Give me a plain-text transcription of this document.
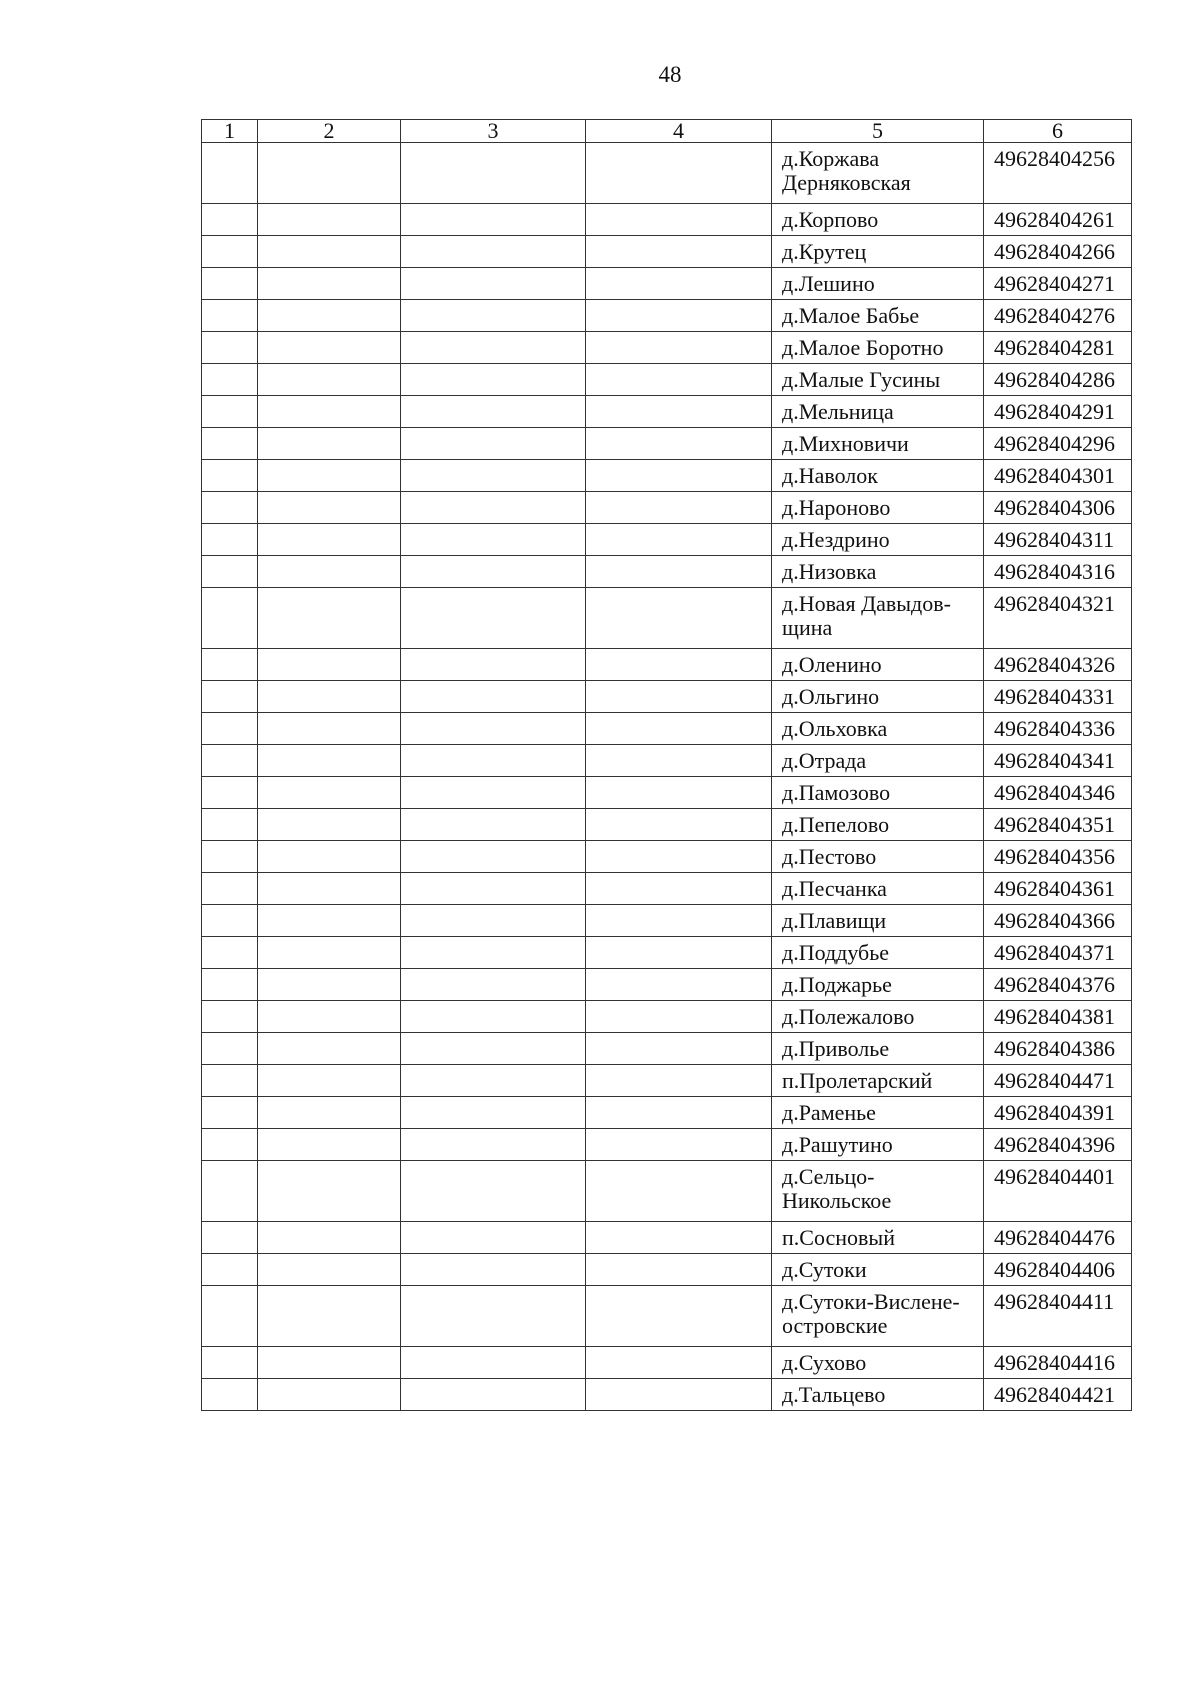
48
1	2	3	4	5	6
				д.Коржава Дерняковская	49628404256
				д.Корпово	49628404261
				д.Крутец	49628404266
				д.Лешино	49628404271
				д.Малое Бабье	49628404276
				д.Малое Боротно	49628404281
				д.Малые Гусины	49628404286
				д.Мельница	49628404291
				д.Михновичи	49628404296
				д.Наволок	49628404301
				д.Нароново	49628404306
				д.Нездрино	49628404311
				д.Низовка	49628404316
				д.Новая Давыдов-щина	49628404321
				д.Оленино	49628404326
				д.Ольгино	49628404331
				д.Ольховка	49628404336
				д.Отрада	49628404341
				д.Памозово	49628404346
				д.Пепелово	49628404351
				д.Пестово	49628404356
				д.Песчанка	49628404361
				д.Плавищи	49628404366
				д.Поддубье	49628404371
				д.Поджарье	49628404376
				д.Полежалово	49628404381
				д.Приволье	49628404386
				п.Пролетарский	49628404471
				д.Раменье	49628404391
				д.Рашутино	49628404396
				д.Сельцо-Никольское	49628404401
				п.Сосновый	49628404476
				д.Сутоки	49628404406
				д.Сутоки-Вислене-островские	49628404411
				д.Сухово	49628404416
				д.Тальцево	49628404421
